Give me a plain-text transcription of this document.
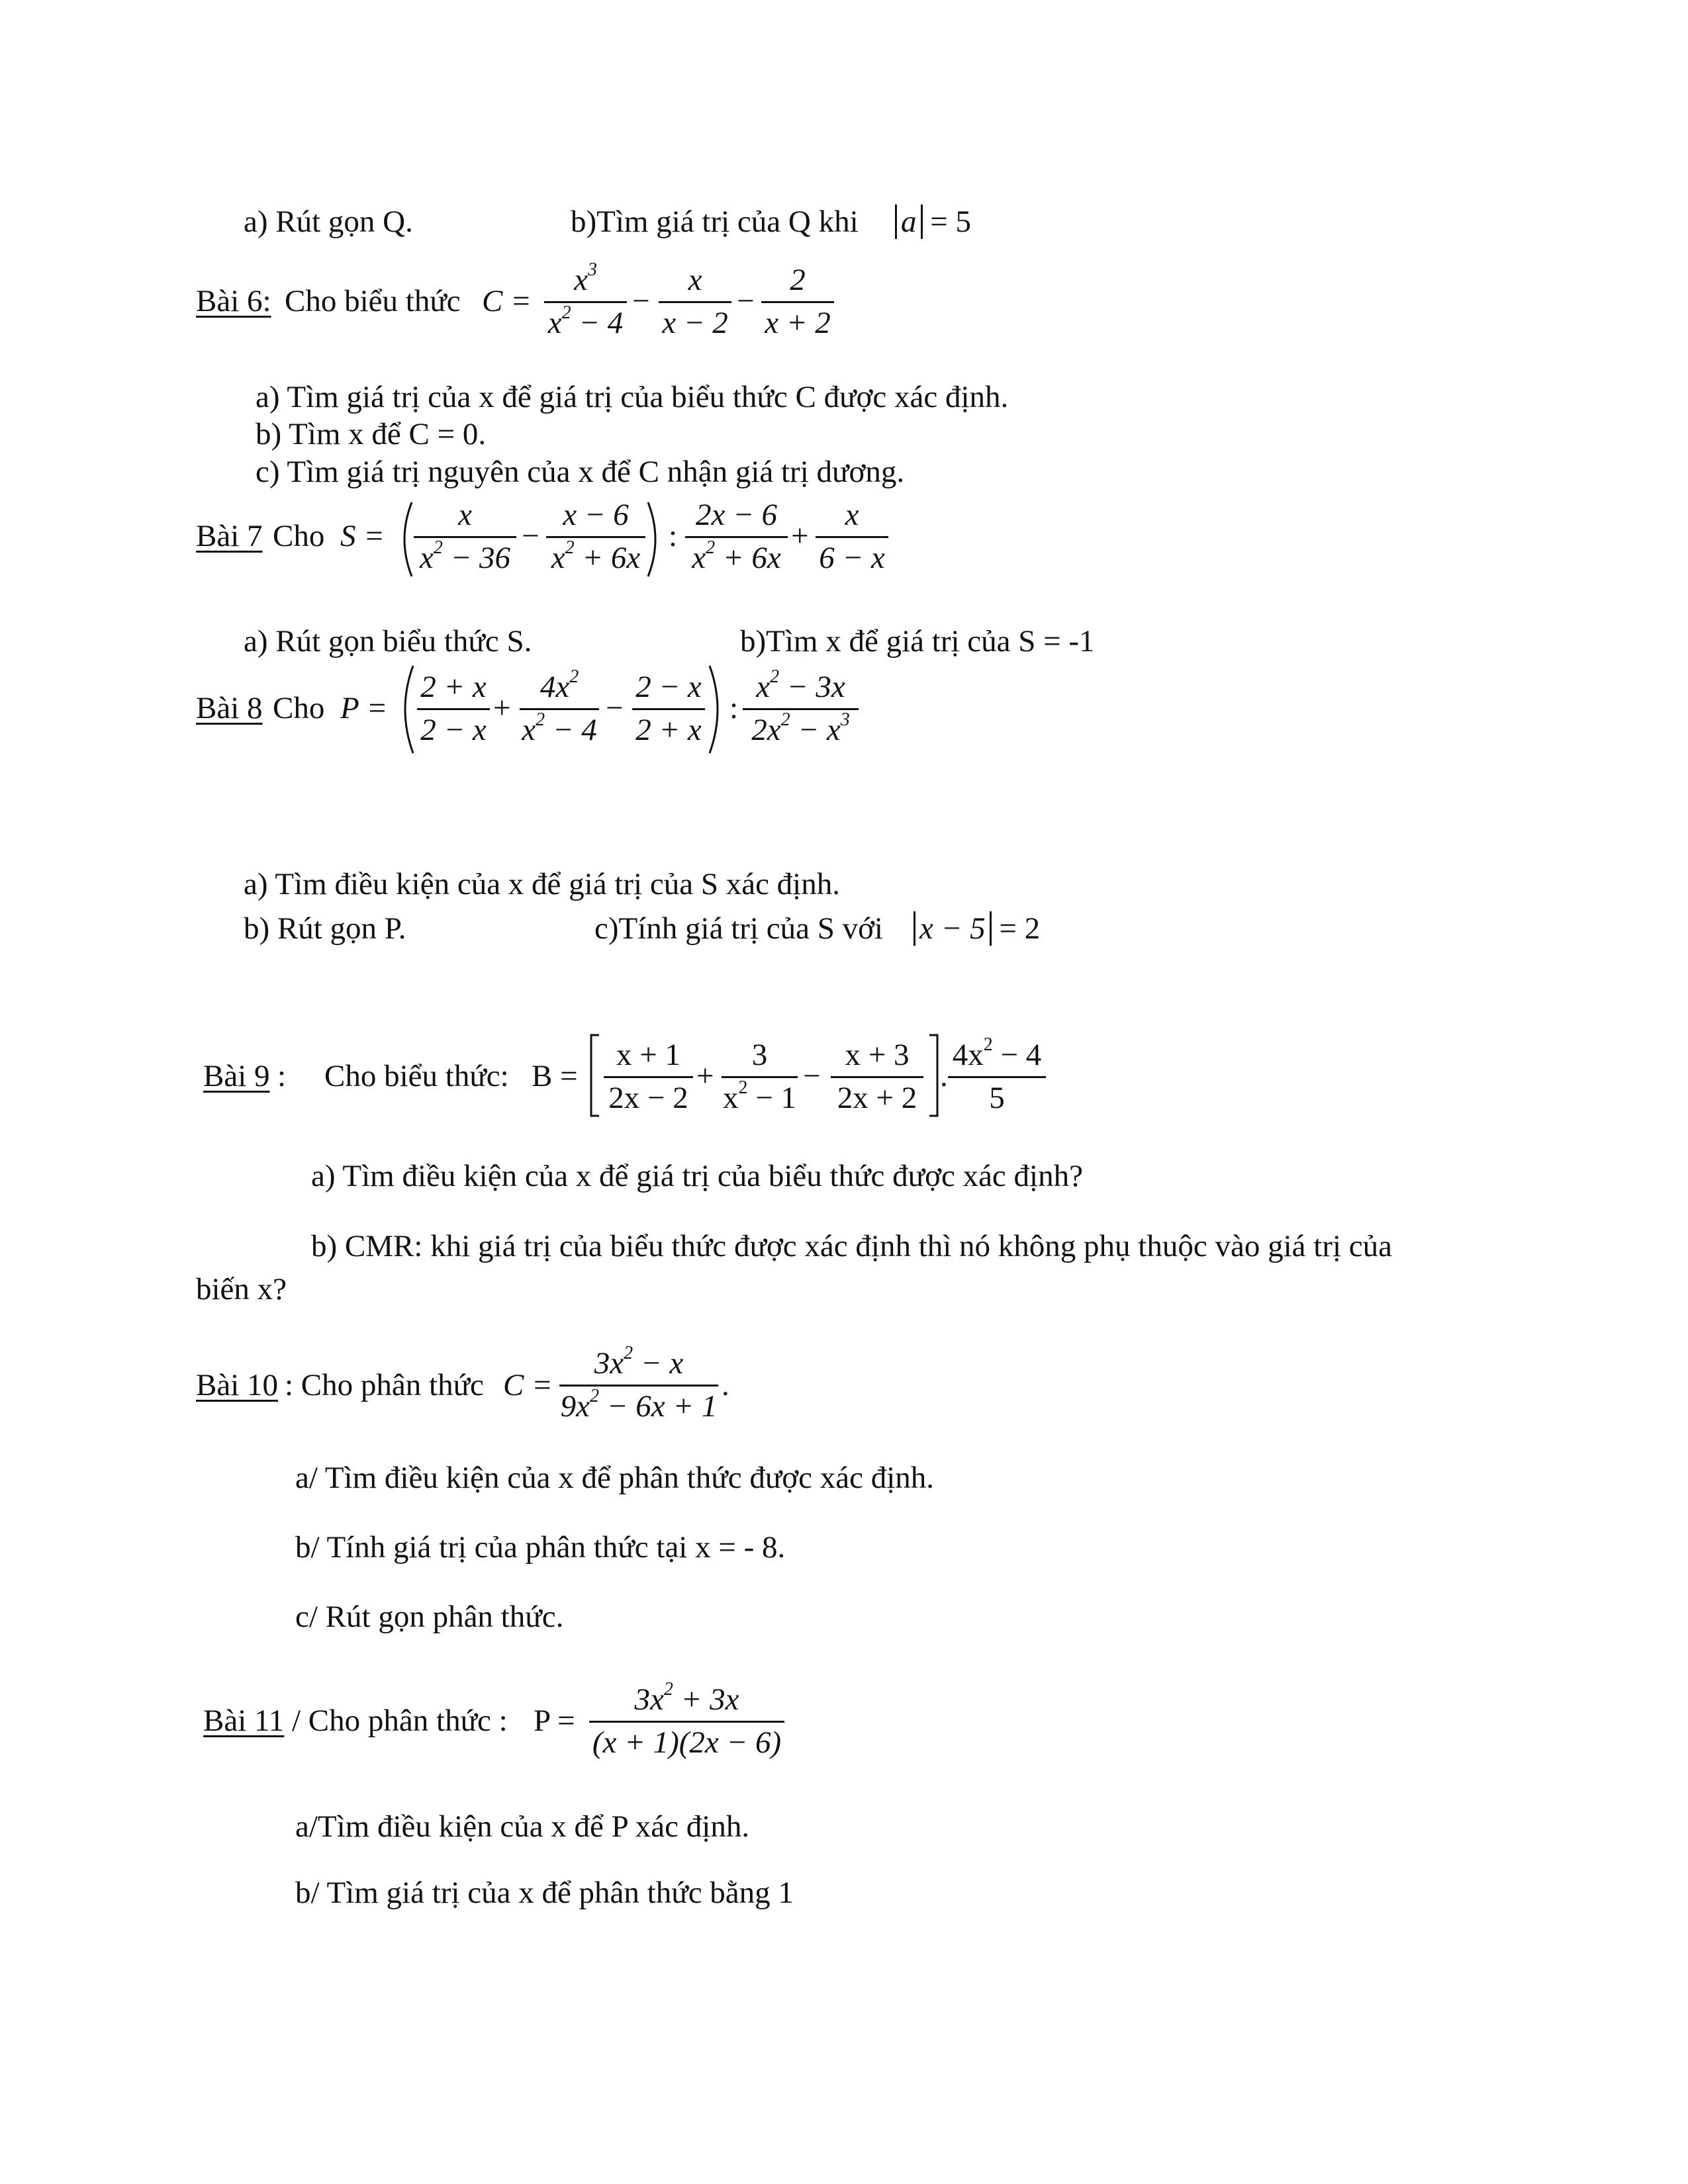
a) Rút gọn Q.	b)Tìm giá trị của Q khi a = 5
Bài 6: Cho biểu thức C =
$x^3$
$x^2 - 4$
−
x
x − 2
−
2
x + 2
a) Tìm giá trị của x để giá trị của biểu thức C được xác định.
b) Tìm x để C = 0.
c) Tìm giá trị nguyên của x để C nhận giá trị dương.
Bài 7 Cho S =
x
$x^2 - 36$
−
x − 6
$x^2 + 6x$
:
2x − 6
$x^2 + 6x$
+
x
6 − x
a) Rút gọn biểu thức S.	b)Tìm x để giá trị của S = -1
Bài 8 Cho P =
2 + x
2 − x
+
$4x^2$
$x^2 - 4$
−
2 − x
2 + x
:
$x^2 - 3x$
$2x^2 - x^3$
a) Tìm điều kiện của x để giá trị của S xác định.
b) Rút gọn P.	c)Tính giá trị của S với x − 5 = 2
Bài 9 : Cho biểu thức: B =
x + 1
2x − 2
+
3
$x^2 - 1$
−
x + 3
2x + 2
.
$4x^2 - 4$
5
a) Tìm điều kiện của x để giá trị của biểu thức được xác định?
b) CMR: khi giá trị của biểu thức được xác định thì nó không phụ thuộc vào giá trị của
biến x?
Bài 10 : Cho phân thức C =
$3x^2 - x$
$9x^2 - 6x + 1$
.
a/ Tìm điều kiện của x để phân thức được xác định.
b/ Tính giá trị của phân thức tại x = - 8.
c/ Rút gọn phân thức.
Bài 11 / Cho phân thức : P =
$3x^2 + 3x$
(x + 1)(2x − 6)
a/Tìm điều kiện của x để P xác định.
b/ Tìm giá trị của x để phân thức bằng 1
